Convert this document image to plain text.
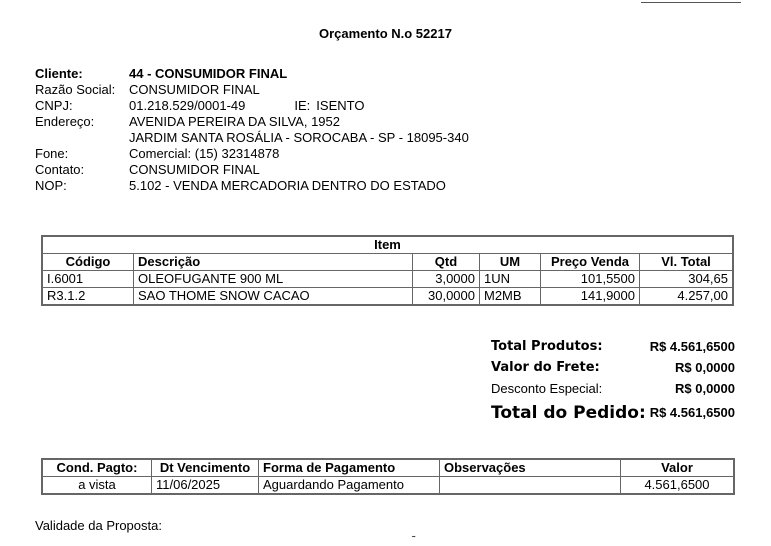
Orçamento N.o 52217
Cliente:	44 - CONSUMIDOR FINAL
Razão Social:	CONSUMIDOR FINAL
CNPJ:	01.218.529/0001-49	IE: ISENTO
Endereço:	AVENIDA PEREIRA DA SILVA, 1952
JARDIM SANTA ROSÁLIA - SOROCABA - SP - 18095-340
Fone:	Comercial: (15) 32314878
Contato:	CONSUMIDOR FINAL
NOP:	5.102 - VENDA MERCADORIA DENTRO DO ESTADO
Item					
Código	Descrição	Qtd	UM	Preço Venda	Vl. Total
I.6001	OLEOFUGANTE 900 ML	3,0000	1UN	101,5500	304,65
R3.1.2	SAO THOME SNOW CACAO	30,0000	M2MB	141,9000	4.257,00
Total Produtos:	R$ 4.561,6500
Valor do Frete:	R$ 0,0000
Desconto Especial:	R$ 0,0000
Total do Pedido: R$ 4.561,6500
Cond. Pagto:	Dt Vencimento	Forma de Pagamento	Observações	Valor
a vista	11/06/2025	Aguardando Pagamento		4.561,6500
Validade da Proposta:
˜
